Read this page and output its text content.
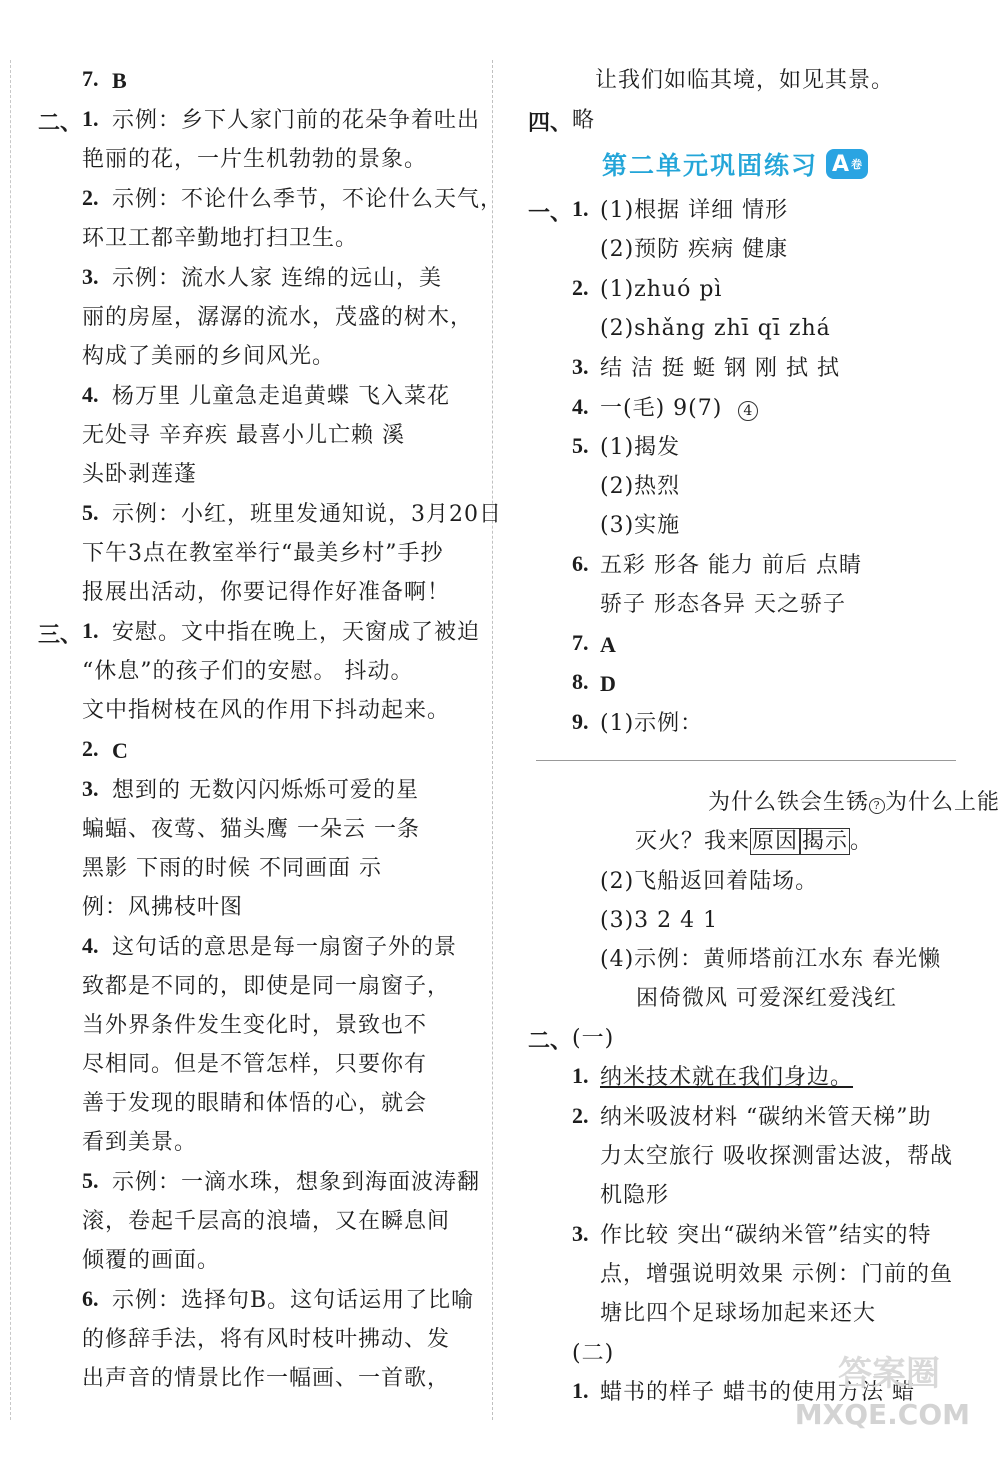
7. B
二、 1. 示例：乡下人家门前的花朵争着吐出
艳丽的花，一片生机勃勃的景象。
2. 示例：不论什么季节，不论什么天气，
环卫工都辛勤地打扫卫生。
3. 示例：流水人家 连绵的远山，美
丽的房屋，潺潺的流水，茂盛的树木，
构成了美丽的乡间风光。
4. 杨万里 儿童急走追黄蝶 飞入菜花
无处寻 辛弃疾 最喜小儿亡赖 溪
头卧剥莲蓬
5. 示例：小红，班里发通知说，3月20日
下午3点在教室举行“最美乡村”手抄
报展出活动，你要记得作好准备啊！
三、 1. 安慰。文中指在晚上，天窗成了被迫
“休息”的孩子们的安慰。 抖动。
文中指树枝在风的作用下抖动起来。
2. C
3. 想到的 无数闪闪烁烁可爱的星
蝙蝠、夜莺、猫头鹰 一朵云 一条
黑影 下雨的时候 不同画面 示
例：风拂枝叶图
4. 这句话的意思是每一扇窗子外的景
致都是不同的，即使是同一扇窗子，
当外界条件发生变化时，景致也不
尽相同。但是不管怎样，只要你有
善于发现的眼睛和体悟的心，就会
看到美景。
5. 示例：一滴水珠，想象到海面波涛翻
滚，卷起千层高的浪墙，又在瞬息间
倾覆的画面。
6. 示例：选择句B。这句话运用了比喻
的修辞手法，将有风时枝叶拂动、发
出声音的情景比作一幅画、一首歌，
让我们如临其境，如见其景。
四、 略
第二单元巩固练习 A 卷
一、 1. (1)根据 详细 情形
(2)预防 疾病 健康
2. (1)zhuó pì
(2)shǎng zhī qī zhá
3. 结 洁 挺 蜓 钢 刚 拭 拭
4. 一(毛) 9(7) 4
5. (1)揭发
(2)热烈
(3)实施
6. 五彩 形各 能力 前后 点睛
骄子 形态各异 天之骄子
7. A
8. D
9. (1)示例：
为什么铁会生锈 ? 为什么上能
灭火？我来原因 揭示。
(2)飞船返回着陆场。
(3)3 2 4 1
(4)示例：黄师塔前江水东 春光懒
困倚微风 可爱深红爱浅红
二、 (一)
1. 纳米技术就在我们身边。
2. 纳米吸波材料 “碳纳米管天梯”助
力太空旅行 吸收探测雷达波，帮战
机隐形
3. 作比较 突出“碳纳米管”结实的特
点，增强说明效果 示例：门前的鱼
塘比四个足球场加起来还大
(二)
1. 蜡书的样子 蜡书的使用方法 蜡
答案圈
MXQE.COM
